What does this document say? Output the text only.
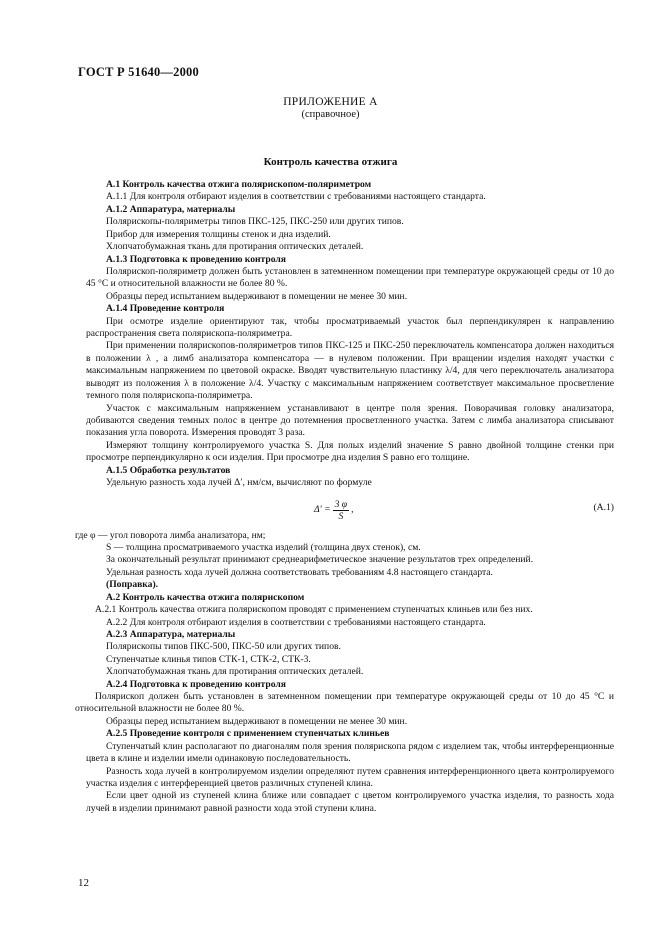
ГОСТ Р 51640—2000
ПРИЛОЖЕНИЕ А
(справочное)
Контроль качества отжига

A.1 Контроль качества отжига полярископом-поляриметром

A.1.1 Для контроля отбирают изделия в соответствии с требованиями настоящего стандарта.

A.1.2 Аппаратура, материалы

Полярископы-поляриметры типов ПКС-125, ПКС-250 или других типов.

Прибор для измерения толщины стенок и дна изделий.

Хлопчатобумажная ткань для протирания оптических деталей.

A.1.3 Подготовка к проведению контроля

Полярископ-поляриметр должен быть установлен в затемненном помещении при температуре окружающей среды от 10 до 45 °С и относительной влажности не более 80 %.

Образцы перед испытанием выдерживают в помещении не менее 30 мин.

A.1.4 Проведение контроля

При осмотре изделие ориентируют так, чтобы просматриваемый участок был перпендикулярен к направлению распространения света полярископа-поляриметра.

При применении полярископов-поляриметров типов ПКС-125 и ПКС-250 переключатель компенсатора должен находиться в положении λ , а лимб анализатора компенсатора — в нулевом положении. При вращении изделия находят участки с максимальным напряжением по цветовой окраске. Вводят чувствительную пластинку λ/4, для чего переключатель анализатора выводят из положения λ в положение λ/4. Участку с максимальным напряжением соответствует максимальное просветление темного поля полярископа-поляриметра.

Участок с максимальным напряжением устанавливают в центре поля зрения. Поворачивая головку анализатора, добиваются сведения темных полос в центре до потемнения просветленного участка. Затем с лимба анализатора списывают показания угла поворота. Измерения проводят 3 раза.

Измеряют толщину контролируемого участка S. Для полых изделий значение S равно двойной толщине стенки при просмотре перпендикулярно к оси изделия. При просмотре дна изделия S равно его толщине.

A.1.5 Обработка результатов

Удельную разность хода лучей Δ′, нм/см, вычисляют по формуле

$\Delta' = \frac{3 \varphi}{S}$ ,	(A.1)

где φ — угол поворота лимба анализатора, нм;

S — толщина просматриваемого участка изделий (толщина двух стенок), см.

За окончательный результат принимают среднеарифметическое значение результатов трех определений.

Удельная разность хода лучей должна соответствовать требованиям 4.8 настоящего стандарта.

(Поправка).

A.2 Контроль качества отжига полярископом

A.2.1 Контроль качества отжига полярископом проводят с применением ступенчатых клиньев или без них.

A.2.2 Для контроля отбирают изделия в соответствии с требованиями настоящего стандарта.

A.2.3 Аппаратура, материалы

Полярископы типов ПКС-500, ПКС-50 или других типов.

Ступенчатые клинья типов СТК-1, СТК-2, СТК-3.

Хлопчатобумажная ткань для протирания оптических деталей.

A.2.4 Подготовка к проведению контроля

Полярископ должен быть установлен в затемненном помещении при температуре окружающей среды от 10 до 45 °С и относительной влажности не более 80 %.

Образцы перед испытанием выдерживают в помещении не менее 30 мин.

A.2.5 Проведение контроля с применением ступенчатых клиньев

Ступенчатый клин располагают по диагоналям поля зрения полярископа рядом с изделием так, чтобы интерференционные цвета в клине и изделии имели одинаковую последовательность.

Разность хода лучей в контролируемом изделии определяют путем сравнения интерференционного цвета контролируемого участка изделия с интерференцией цветов различных ступеней клина.

Если цвет одной из ступеней клина ближе или совпадает с цветом контролируемого участка изделия, то разность хода лучей в изделии принимают равной разности хода этой ступени клина.

12
